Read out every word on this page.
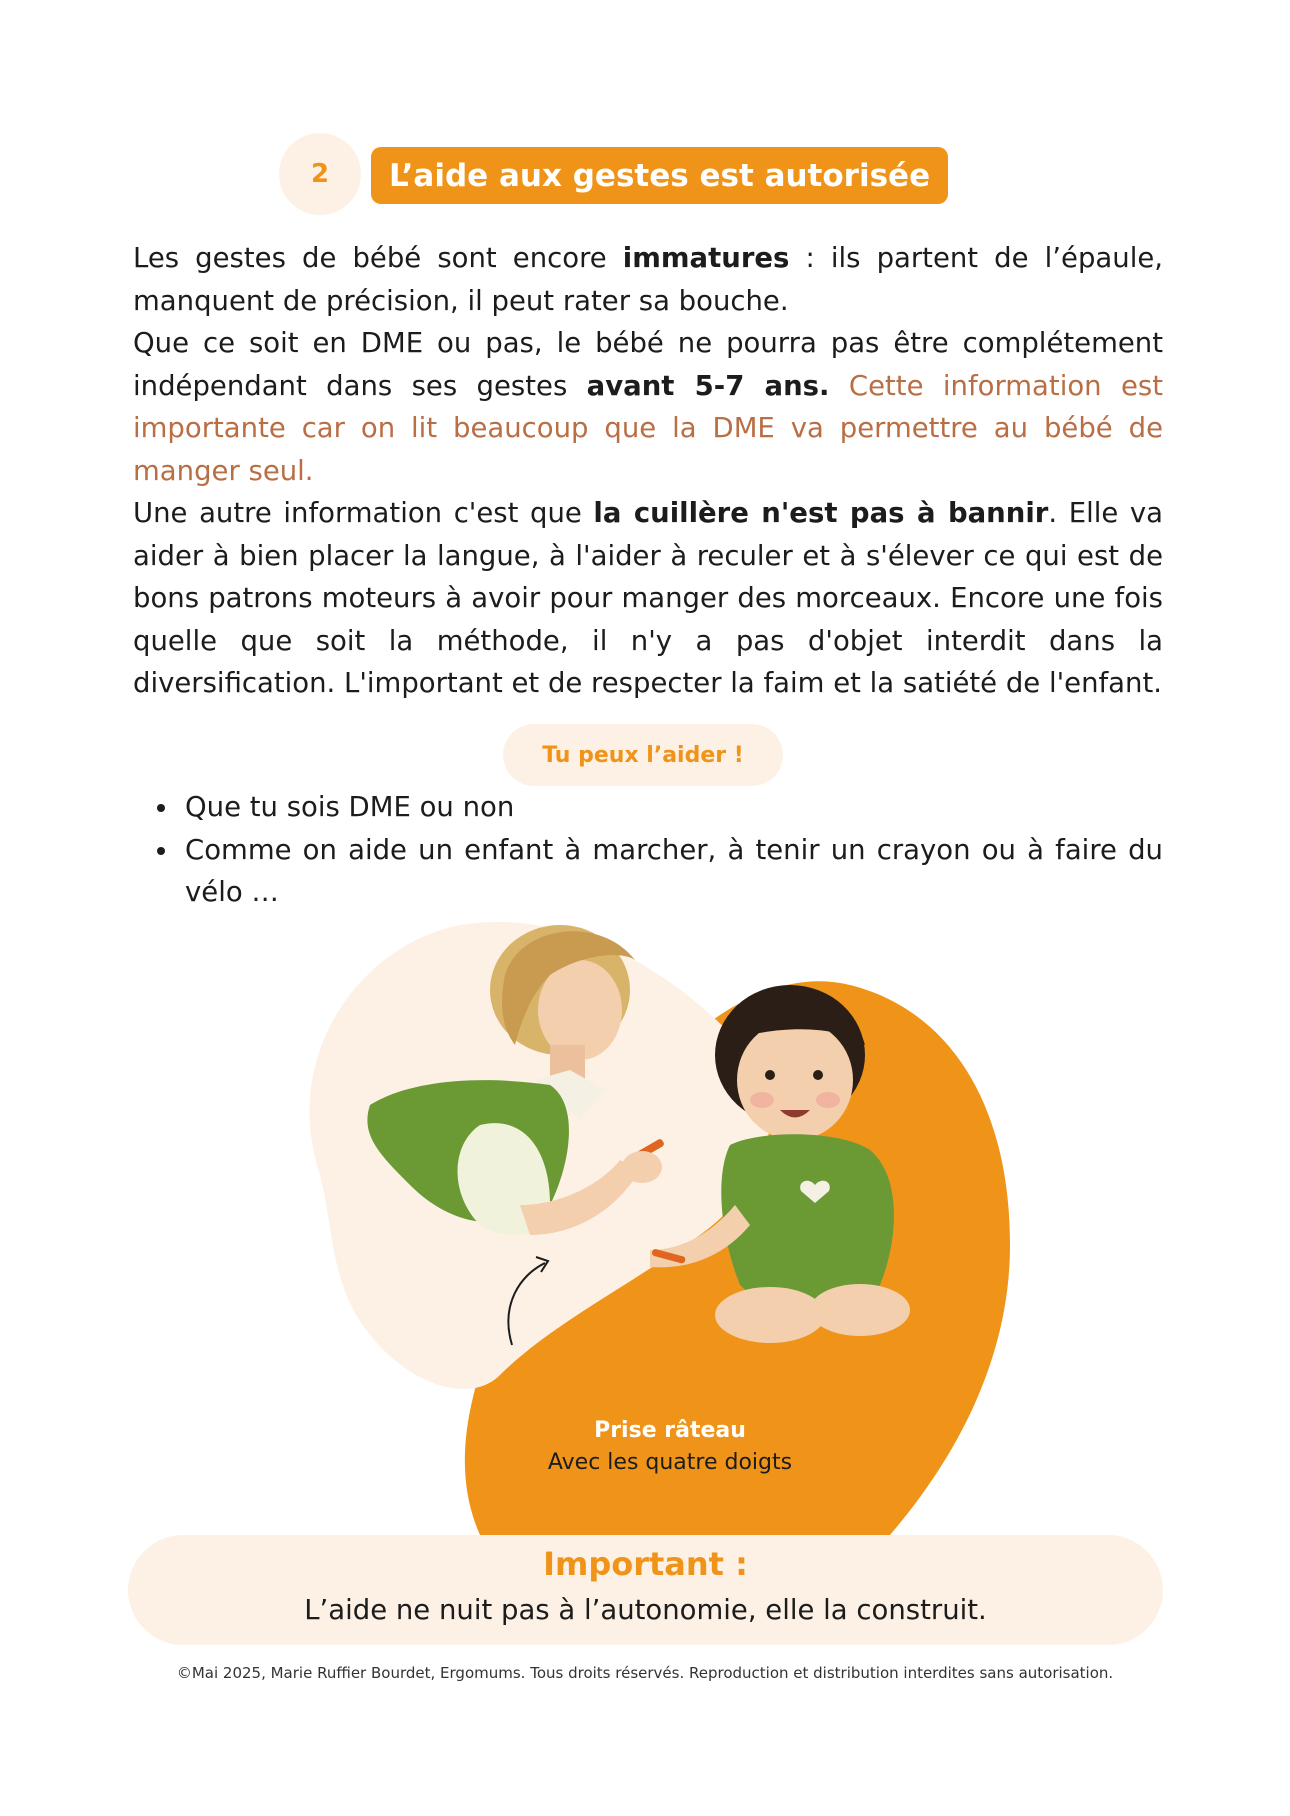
2 L’aide aux gestes est autorisée
Les gestes de bébé sont encore immatures : ils partent de l’épaule, manquent de précision, il peut rater sa bouche.
Que ce soit en DME ou pas, le bébé ne pourra pas être complétement indépendant dans ses gestes avant 5-7 ans. Cette information est importante car on lit beaucoup que la DME va permettre au bébé de manger seul.
Une autre information c'est que la cuillère n'est pas à bannir. Elle va aider à bien placer la langue, à l'aider à reculer et à s'élever ce qui est de bons patrons moteurs à avoir pour manger des morceaux. Encore une fois quelle que soit la méthode, il n'y a pas d'objet interdit dans la diversification. L'important et de respecter la faim et la satiété de l'enfant.
Tu peux l’aider !
Que tu sois DME ou non
Comme on aide un enfant à marcher, à tenir un crayon ou à faire du vélo …
Prise râteau
Avec les quatre doigts
Important :
L’aide ne nuit pas à l’autonomie, elle la construit.
©Mai 2025, Marie Ruffier Bourdet, Ergomums. Tous droits réservés. Reproduction et distribution interdites sans autorisation.
